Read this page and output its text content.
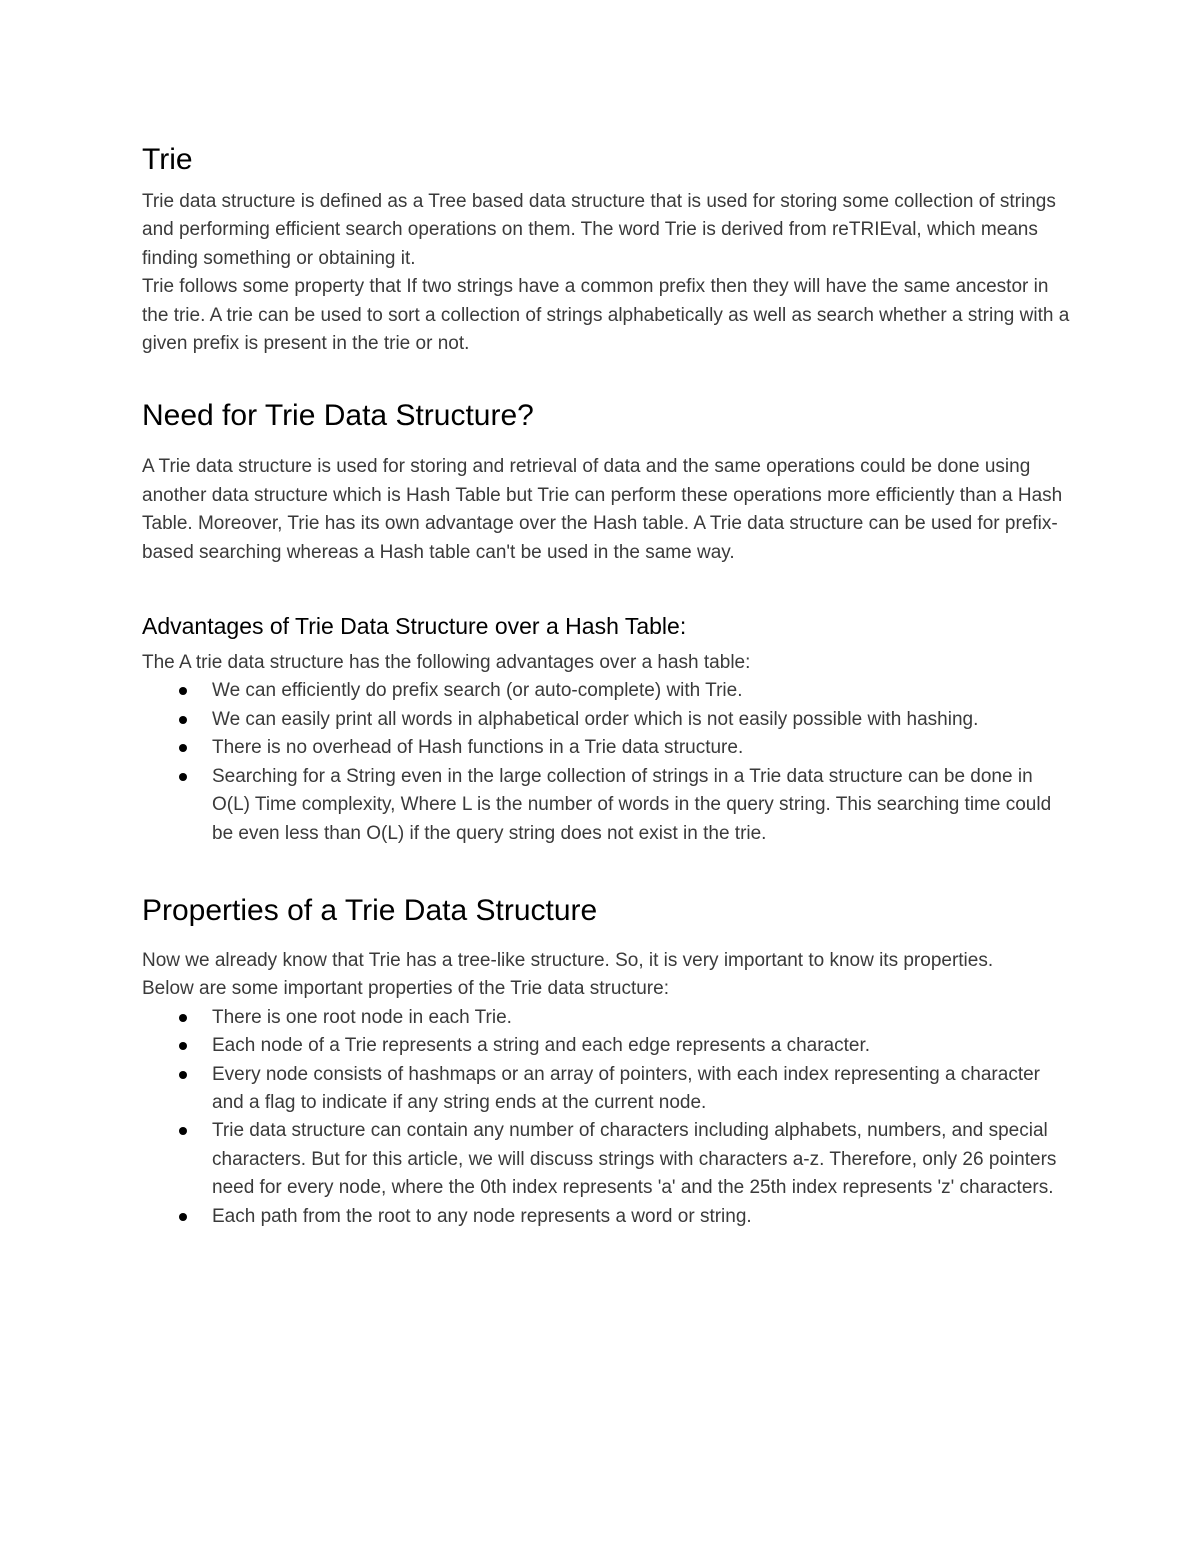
Trie

Trie data structure is defined as a Tree based data structure that is used for storing some collection of strings and performing efficient search operations on them. The word Trie is derived from reTRIEval, which means finding something or obtaining it.

Trie follows some property that If two strings have a common prefix then they will have the same ancestor in the trie. A trie can be used to sort a collection of strings alphabetically as well as search whether a string with a given prefix is present in the trie or not.

Need for Trie Data Structure?

A Trie data structure is used for storing and retrieval of data and the same operations could be done using another data structure which is Hash Table but Trie can perform these operations more efficiently than a Hash Table. Moreover, Trie has its own advantage over the Hash table. A Trie data structure can be used for prefix-based searching whereas a Hash table can't be used in the same way.

Advantages of Trie Data Structure over a Hash Table:

The A trie data structure has the following advantages over a hash table:

We can efficiently do prefix search (or auto-complete) with Trie.
We can easily print all words in alphabetical order which is not easily possible with hashing.
There is no overhead of Hash functions in a Trie data structure.
Searching for a String even in the large collection of strings in a Trie data structure can be done in O(L) Time complexity, Where L is the number of words in the query string. This searching time could be even less than O(L) if the query string does not exist in the trie.
Properties of a Trie Data Structure

Now we already know that Trie has a tree-like structure. So, it is very important to know its properties.

Below are some important properties of the Trie data structure:

There is one root node in each Trie.
Each node of a Trie represents a string and each edge represents a character.
Every node consists of hashmaps or an array of pointers, with each index representing a character and a flag to indicate if any string ends at the current node.
Trie data structure can contain any number of characters including alphabets, numbers, and special characters. But for this article, we will discuss strings with characters a-z. Therefore, only 26 pointers need for every node, where the 0th index represents 'a' and the 25th index represents 'z' characters.
Each path from the root to any node represents a word or string.
